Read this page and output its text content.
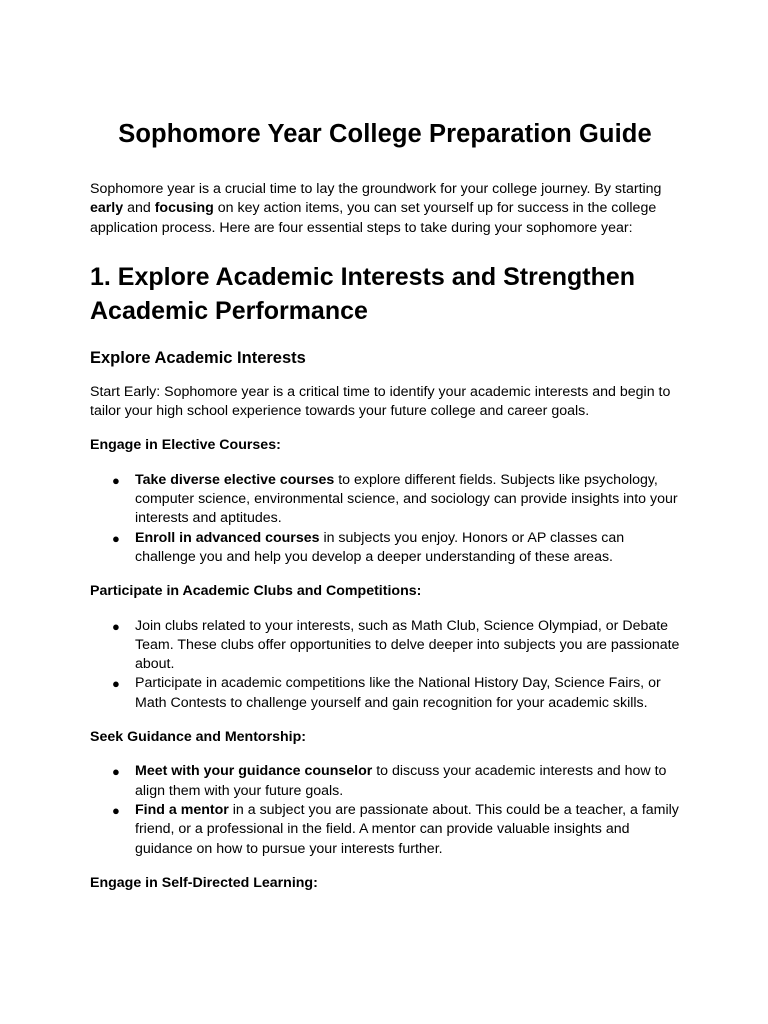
Sophomore Year College Preparation Guide

Sophomore year is a crucial time to lay the groundwork for your college journey. By starting early and focusing on key action items, you can set yourself up for success in the college application process. Here are four essential steps to take during your sophomore year:

1. Explore Academic Interests and Strengthen Academic Performance
Explore Academic Interests

Start Early: Sophomore year is a critical time to identify your academic interests and begin to tailor your high school experience towards your future college and career goals.

Engage in Elective Courses:

● Take diverse elective courses to explore different fields. Subjects like psychology, computer science, environmental science, and sociology can provide insights into your interests and aptitudes.
● Enroll in advanced courses in subjects you enjoy. Honors or AP classes can challenge you and help you develop a deeper understanding of these areas.

Participate in Academic Clubs and Competitions:

● Join clubs related to your interests, such as Math Club, Science Olympiad, or Debate Team. These clubs offer opportunities to delve deeper into subjects you are passionate about.
● Participate in academic competitions like the National History Day, Science Fairs, or Math Contests to challenge yourself and gain recognition for your academic skills.

Seek Guidance and Mentorship:

● Meet with your guidance counselor to discuss your academic interests and how to align them with your future goals.
● Find a mentor in a subject you are passionate about. This could be a teacher, a family friend, or a professional in the field. A mentor can provide valuable insights and guidance on how to pursue your interests further.

Engage in Self-Directed Learning:
